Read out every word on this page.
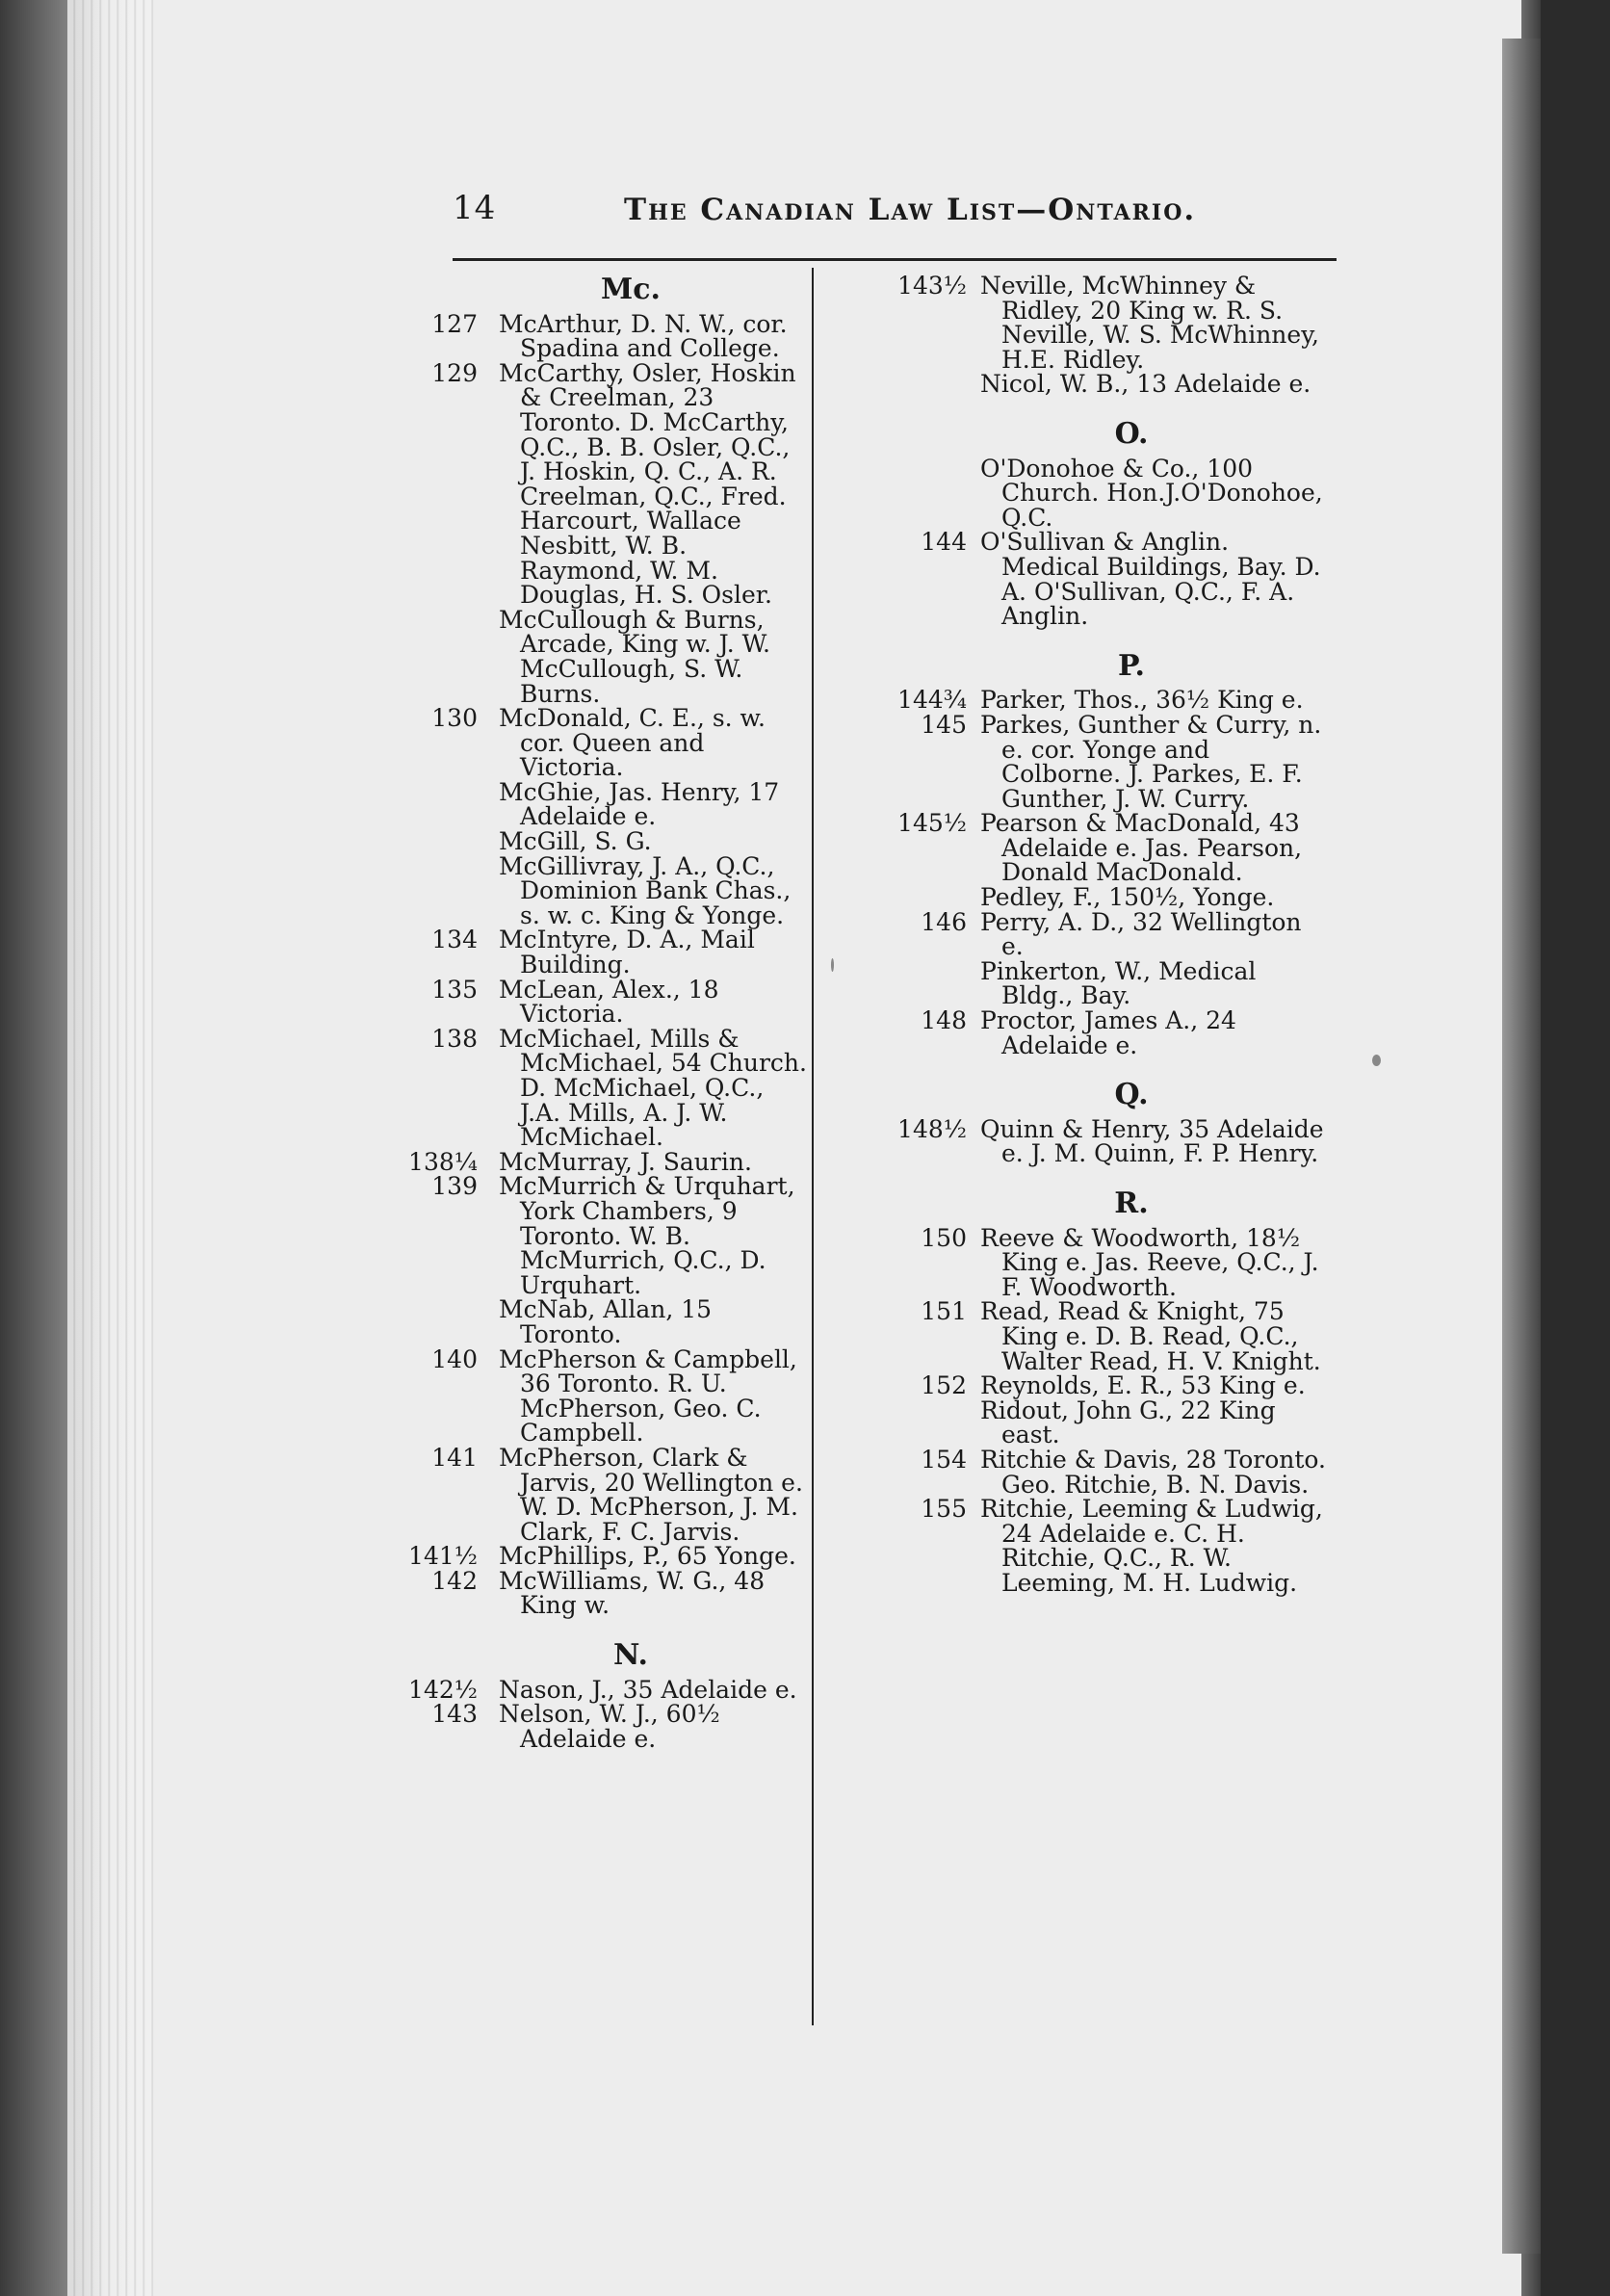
14	The Canadian Law List—Ontario.
Mc.
127 McArthur, D. N. W., cor. Spadina and College.
129 McCarthy, Osler, Hoskin & Creelman, 23 Toronto. D. McCarthy, Q.C., B. B. Osler, Q.C., J. Hoskin, Q. C., A. R. Creelman, Q.C., Fred. Harcourt, Wallace Nesbitt, W. B. Raymond, W. M. Douglas, H. S. Osler.
McCullough & Burns, Arcade, King w. J. W. McCullough, S. W. Burns.
130 McDonald, C. E., s. w. cor. Queen and Victoria.
McGhie, Jas. Henry, 17 Adelaide e.
McGill, S. G.
McGillivray, J. A., Q.C., Dominion Bank Chas., s. w. c. King & Yonge.
134 McIntyre, D. A., Mail Building.
135 McLean, Alex., 18 Victoria.
138 McMichael, Mills & McMichael, 54 Church. D. McMichael, Q.C., J.A. Mills, A. J. W. McMichael.
138¼ McMurray, J. Saurin.
139 McMurrich & Urquhart, York Chambers, 9 Toronto. W. B. McMurrich, Q.C., D. Urquhart.
McNab, Allan, 15 Toronto.
140 McPherson & Campbell, 36 Toronto. R. U. McPherson, Geo. C. Campbell.
141 McPherson, Clark & Jarvis, 20 Wellington e. W. D. McPherson, J. M. Clark, F. C. Jarvis.
141½ McPhillips, P., 65 Yonge.
142 McWilliams, W. G., 48 King w.
N.
142½ Nason, J., 35 Adelaide e.
143 Nelson, W. J., 60½ Adelaide e.
143½ Neville, McWhinney & Ridley, 20 King w. R. S. Neville, W. S. McWhinney, H.E. Ridley.
Nicol, W. B., 13 Adelaide e.
O.
O'Donohoe & Co., 100 Church. Hon.J.O'Donohoe, Q.C.
144 O'Sullivan & Anglin. Medical Buildings, Bay. D. A. O'Sullivan, Q.C., F. A. Anglin.
P.
144¾ Parker, Thos., 36½ King e.
145 Parkes, Gunther & Curry, n. e. cor. Yonge and Colborne. J. Parkes, E. F. Gunther, J. W. Curry.
145½ Pearson & MacDonald, 43 Adelaide e. Jas. Pearson, Donald MacDonald.
Pedley, F., 150½, Yonge.
146 Perry, A. D., 32 Wellington e.
Pinkerton, W., Medical Bldg., Bay.
148 Proctor, James A., 24 Adelaide e.
Q.
148½ Quinn & Henry, 35 Adelaide e. J. M. Quinn, F. P. Henry.
R.
150 Reeve & Woodworth, 18½ King e. Jas. Reeve, Q.C., J. F. Woodworth.
151 Read, Read & Knight, 75 King e. D. B. Read, Q.C., Walter Read, H. V. Knight.
152 Reynolds, E. R., 53 King e.
Ridout, John G., 22 King east.
154 Ritchie & Davis, 28 Toronto. Geo. Ritchie, B. N. Davis.
155 Ritchie, Leeming & Ludwig, 24 Adelaide e. C. H. Ritchie, Q.C., R. W. Leeming, M. H. Ludwig.
